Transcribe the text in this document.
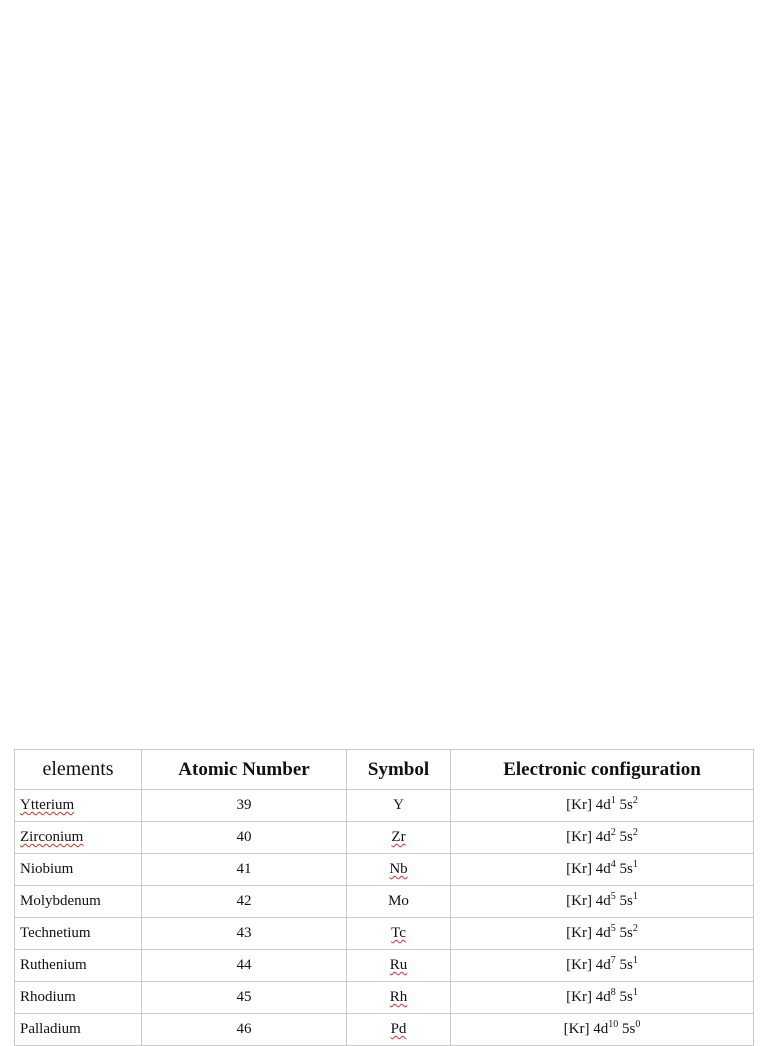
elements	Atomic Number	Symbol	Electronic configuration
Ytterium	39	Y	[Kr] $4d^1$ $5s^2$
Zirconium	40	Zr	[Kr] $4d^2$ $5s^2$
Niobium	41	Nb	[Kr] $4d^4$ $5s^1$
Molybdenum	42	Mo	[Kr] $4d^5$ $5s^1$
Technetium	43	Tc	[Kr] $4d^5$ $5s^2$
Ruthenium	44	Ru	[Kr] $4d^7$ $5s^1$
Rhodium	45	Rh	[Kr] $4d^8$ $5s^1$
Palladium	46	Pd	[Kr] $4d^{10}$ $5s^0$
